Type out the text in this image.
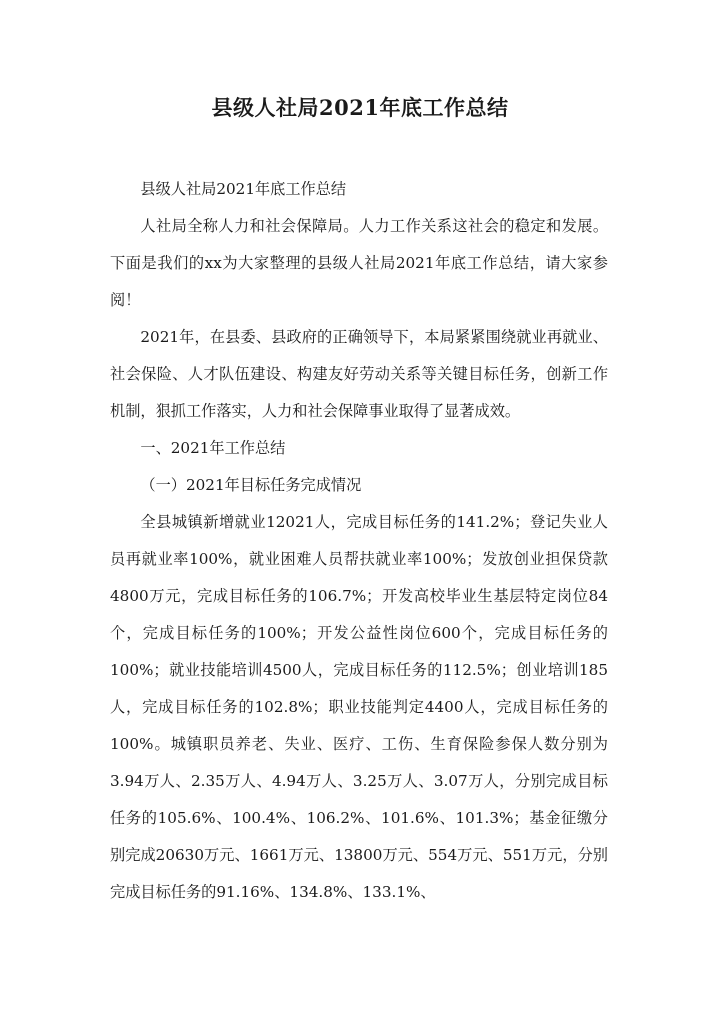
县级人社局2021年底工作总结

县级人社局2021年底工作总结

人社局全称人力和社会保障局。人力工作关系这社会的稳定和发展。下面是我们的xx为大家整理的县级人社局2021年底工作总结，请大家参阅！

2021年，在县委、县政府的正确领导下，本局紧紧围绕就业再就业、社会保险、人才队伍建设、构建友好劳动关系等关键目标任务，创新工作机制，狠抓工作落实，人力和社会保障事业取得了显著成效。

一、2021年工作总结

（一）2021年目标任务完成情况

全县城镇新增就业12021人，完成目标任务的141.2%；登记失业人员再就业率100%，就业困难人员帮扶就业率100%；发放创业担保贷款4800万元，完成目标任务的106.7%；开发高校毕业生基层特定岗位84个，完成目标任务的100%；开发公益性岗位600个，完成目标任务的100%；就业技能培训4500人，完成目标任务的112.5%；创业培训185人，完成目标任务的102.8%；职业技能判定4400人，完成目标任务的100%。城镇职员养老、失业、医疗、工伤、生育保险参保人数分别为3.94万人、2.35万人、4.94万人、3.25万人、3.07万人，分别完成目标任务的105.6%、100.4%、106.2%、101.6%、101.3%；基金征缴分别完成20630万元、1661万元、13800万元、554万元、551万元，分别完成目标任务的91.16%、134.8%、133.1%、
